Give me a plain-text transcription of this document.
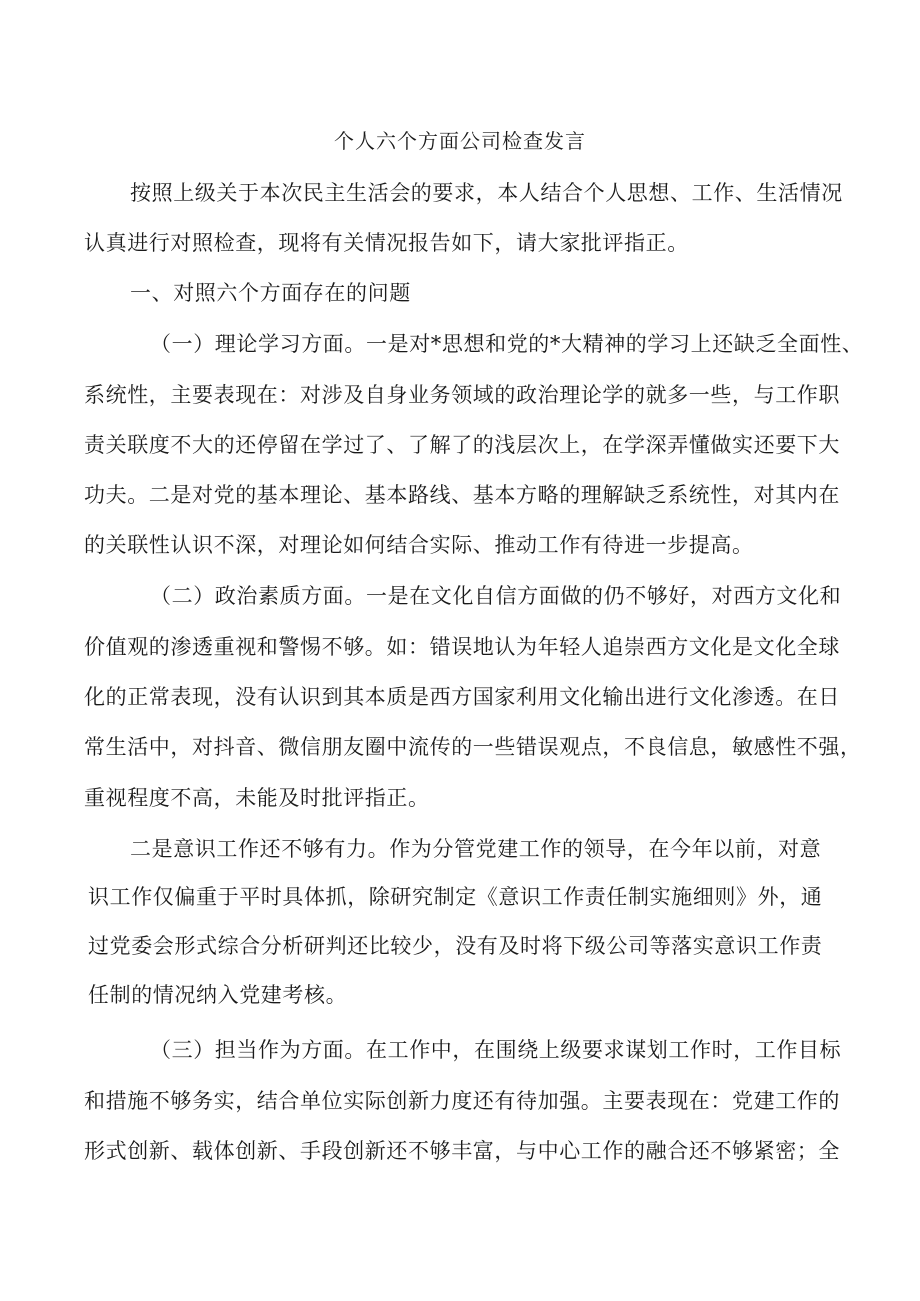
个人六个方面公司检查发言
按照上级关于本次民主生活会的要求，本人结合个人思想、工作、生活情况
认真进行对照检查，现将有关情况报告如下，请大家批评指正。
一、对照六个方面存在的问题
（一）理论学习方面。一是对*思想和党的*大精神的学习上还缺乏全面性、
系统性，主要表现在：对涉及自身业务领域的政治理论学的就多一些，与工作职
责关联度不大的还停留在学过了、了解了的浅层次上，在学深弄懂做实还要下大
功夫。二是对党的基本理论、基本路线、基本方略的理解缺乏系统性，对其内在
的关联性认识不深，对理论如何结合实际、推动工作有待进一步提高。
（二）政治素质方面。一是在文化自信方面做的仍不够好，对西方文化和
价值观的渗透重视和警惕不够。如：错误地认为年轻人追崇西方文化是文化全球
化的正常表现，没有认识到其本质是西方国家利用文化输出进行文化渗透。在日
常生活中，对抖音、微信朋友圈中流传的一些错误观点，不良信息，敏感性不强，
重视程度不高，未能及时批评指正。
二是意识工作还不够有力。作为分管党建工作的领导，在今年以前，对意
识工作仅偏重于平时具体抓，除研究制定《意识工作责任制实施细则》外，通
过党委会形式综合分析研判还比较少，没有及时将下级公司等落实意识工作责
任制的情况纳入党建考核。
（三）担当作为方面。在工作中，在围绕上级要求谋划工作时，工作目标
和措施不够务实，结合单位实际创新力度还有待加强。主要表现在：党建工作的
形式创新、载体创新、手段创新还不够丰富，与中心工作的融合还不够紧密；全
